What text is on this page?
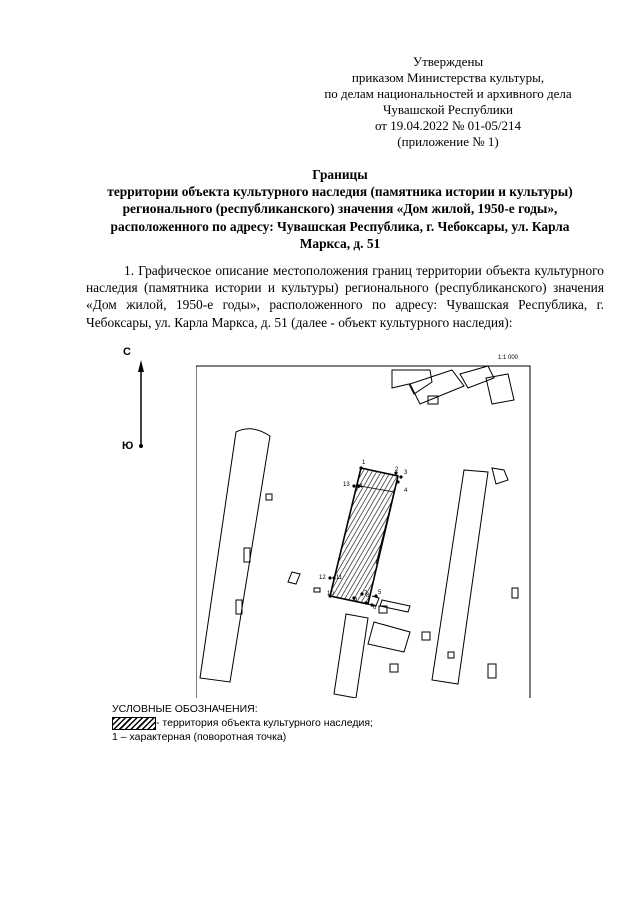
Утверждены
приказом Министерства культуры,
по делам национальностей и архивного дела
Чувашской Республики
от 19.04.2022 № 01-05/214
(приложение № 1)
Границы
территории объекта культурного наследия (памятника истории и культуры)
регионального (республиканского) значения «Дом жилой, 1950-е годы»,
расположенного по адресу: Чувашская Республика, г. Чебоксары, ул. Карла
Маркса, д. 51
1. Графическое описание местоположения границ территории объекта культурного наследия (памятника истории и культуры) регионального (республиканского) значения «Дом жилой, 1950-е годы», расположенного по адресу: Чувашская Республика, г. Чебоксары, ул. Карла Маркса, д. 51 (далее - объект культурного наследия):
С
Ю
1:1 000
1
2 3
4
5
6
7
8
9
10
11
12
13 14
УСЛОВНЫЕ ОБОЗНАЧЕНИЯ:
- территория объекта культурного наследия;
1 – характерная (поворотная точка)
